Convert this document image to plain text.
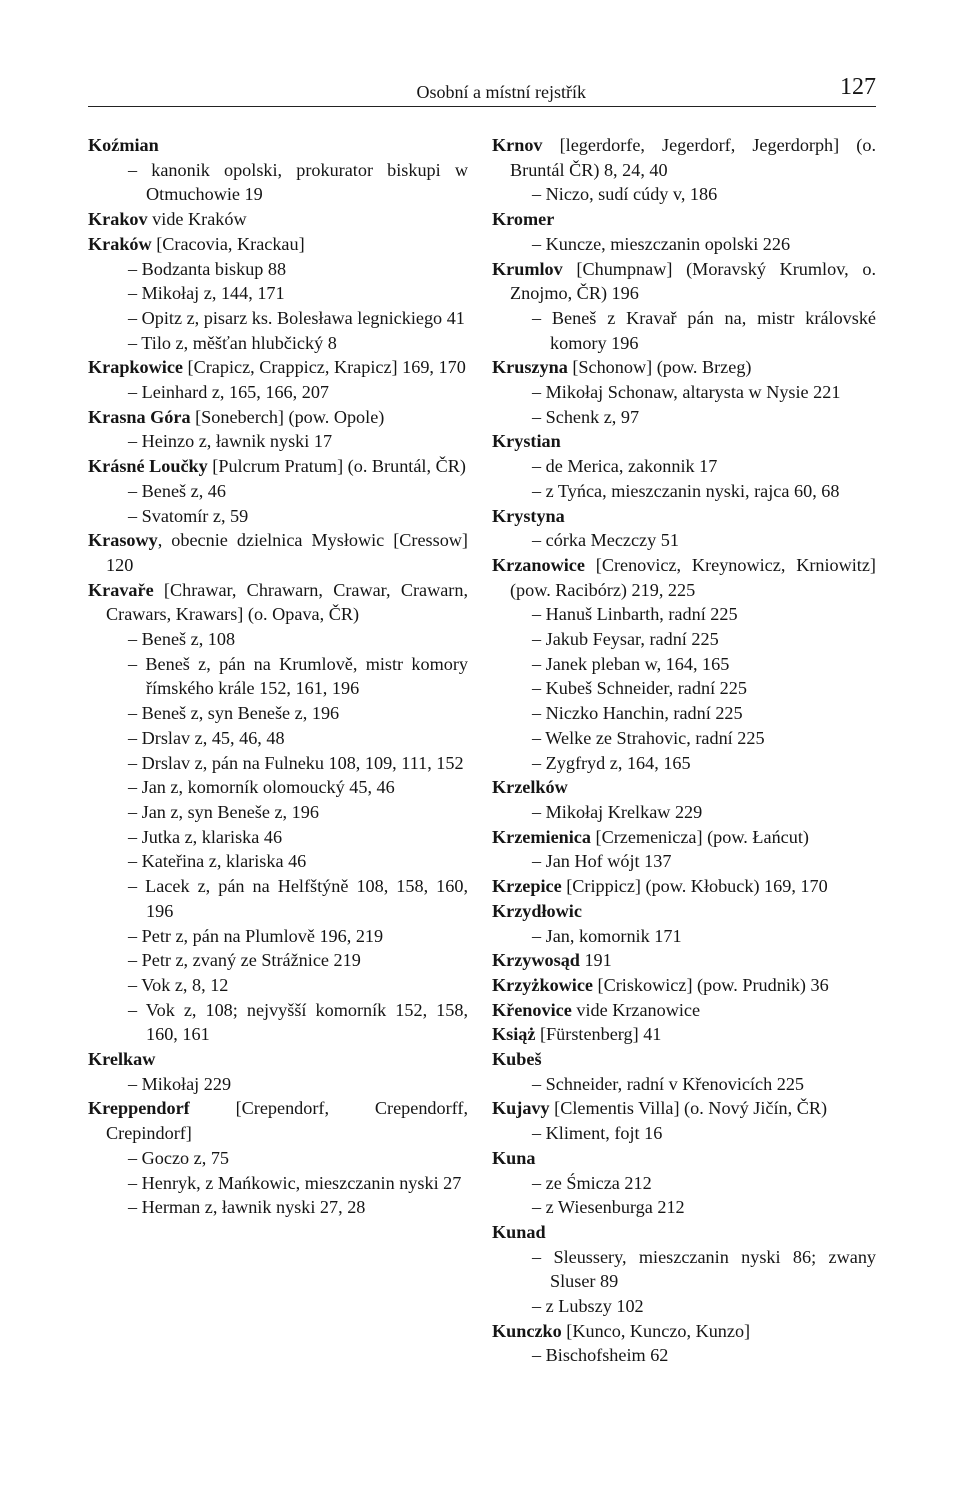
Osobní a místní rejstřík	127

Koźmian

– kanonik opolski, prokurator biskupi w Otmuchowie 19

Krakov vide Kraków

Kraków [Cracovia, Krackau]

– Bodzanta biskup 88

– Mikołaj z, 144, 171

– Opitz z, pisarz ks. Bolesława legnickiego 41

– Tilo z, měšťan hlubčický 8

Krapkowice [Crapicz, Crappicz, Krapicz] 169, 170

– Leinhard z, 165, 166, 207

Krasna Góra [Soneberch] (pow. Opole)

– Heinzo z, ławnik nyski 17

Krásné Loučky [Pulcrum Pratum] (o. Bruntál, ČR)

– Beneš z, 46

– Svatomír z, 59

Krasowy, obecnie dzielnica Mysłowic [Cressow] 120

Kravaře [Chrawar, Chrawarn, Crawar, Crawarn, Crawars, Krawars] (o. Opava, ČR)

– Beneš z, 108

– Beneš z, pán na Krumlově, mistr komory římského krále 152, 161, 196

– Beneš z, syn Beneše z, 196

– Drslav z, 45, 46, 48

– Drslav z, pán na Fulneku 108, 109, 111, 152

– Jan z, komorník olomoucký 45, 46

– Jan z, syn Beneše z, 196

– Jutka z, klariska 46

– Kateřina z, klariska 46

– Lacek z, pán na Helfštýně 108, 158, 160, 196

– Petr z, pán na Plumlově 196, 219

– Petr z, zvaný ze Strážnice 219

– Vok z, 8, 12

– Vok z, 108; nejvyšší komorník 152, 158, 160, 161

Krelkaw

– Mikołaj 229

Kreppendorf [Crependorf, Crependorff, Crepindorf]

– Goczo z, 75

– Henryk, z Mańkowic, mieszczanin nyski 27

– Herman z, ławnik nyski 27, 28

Krnov [legerdorfe, Jegerdorf, Jegerdorph] (o. Bruntál ČR) 8, 24, 40

– Niczo, sudí cúdy v, 186

Kromer

– Kuncze, mieszczanin opolski 226

Krumlov [Chumpnaw] (Moravský Krumlov, o. Znojmo, ČR) 196

– Beneš z Kravař pán na, mistr královské komory 196

Kruszyna [Schonow] (pow. Brzeg)

– Mikołaj Schonaw, altarysta w Nysie 221

– Schenk z, 97

Krystian

– de Merica, zakonnik 17

– z Tyńca, mieszczanin nyski, rajca 60, 68

Krystyna

– córka Meczczy 51

Krzanowice [Crenovicz, Kreynowicz, Krniowitz] (pow. Racibórz) 219, 225

– Hanuš Linbarth, radní 225

– Jakub Feysar, radní 225

– Janek pleban w, 164, 165

– Kubeš Schneider, radní 225

– Niczko Hanchin, radní 225

– Welke ze Strahovic, radní 225

– Zygfryd z, 164, 165

Krzelków

– Mikołaj Krelkaw 229

Krzemienica [Crzemenicza] (pow. Łańcut)

– Jan Hof wójt 137

Krzepice [Crippicz] (pow. Kłobuck) 169, 170

Krzydłowic

– Jan, komornik 171

Krzywosąd 191

Krzyżkowice [Criskowicz] (pow. Prudnik) 36

Křenovice vide Krzanowice

Książ [Fürstenberg] 41

Kubeš

– Schneider, radní v Křenovicích 225

Kujavy [Clementis Villa] (o. Nový Jičín, ČR)

– Kliment, fojt 16

Kuna

– ze Śmicza 212

– z Wiesenburga 212

Kunad

– Sleussery, mieszczanin nyski 86; zwany Sluser 89

– z Lubszy 102

Kunczko [Kunco, Kunczo, Kunzo]

– Bischofsheim 62
